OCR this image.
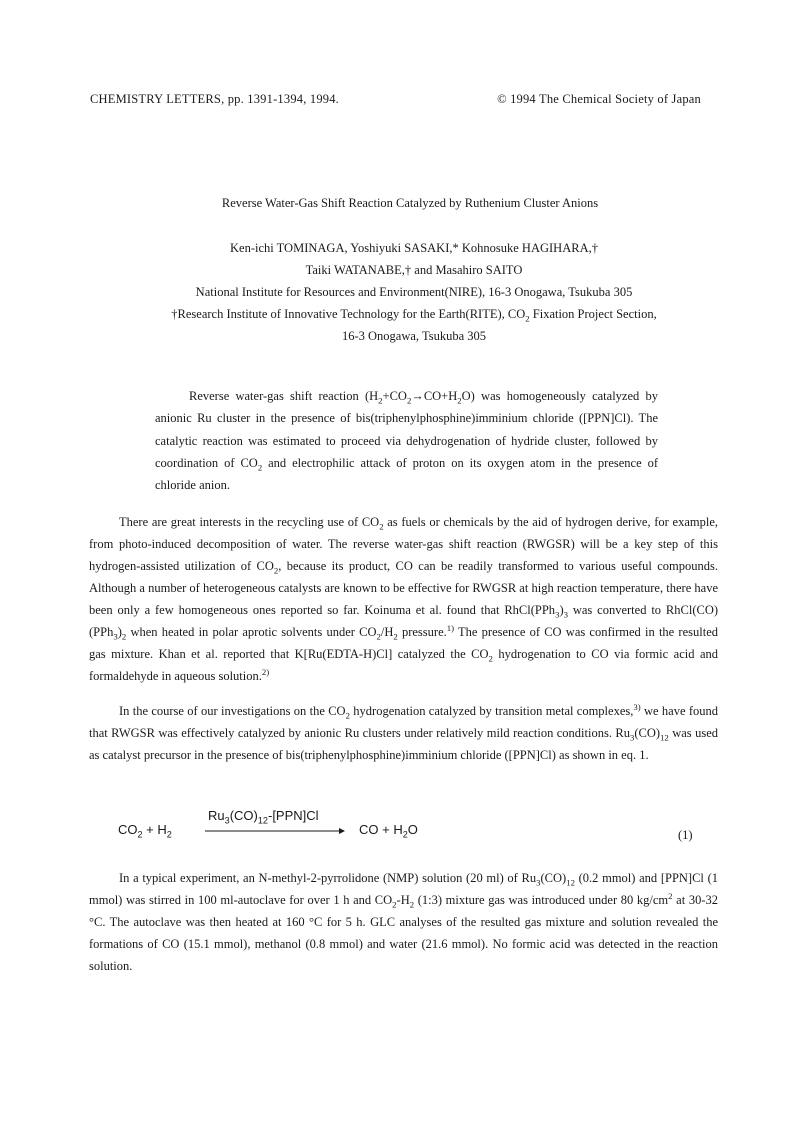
CHEMISTRY LETTERS, pp. 1391-1394, 1994.	© 1994 The Chemical Society of Japan
Reverse Water-Gas Shift Reaction Catalyzed by Ruthenium Cluster Anions
Ken-ichi TOMINAGA, Yoshiyuki SASAKI,* Kohnosuke HAGIHARA,†
Taiki WATANABE,† and Masahiro SAITO
National Institute for Resources and Environment(NIRE), 16-3 Onogawa, Tsukuba 305
†Research Institute of Innovative Technology for the Earth(RITE), $CO_2$ Fixation Project Section,
16-3 Onogawa, Tsukuba 305
Reverse water-gas shift reaction $(H_2+CO_2\to CO+H_2O)$ was homogeneously catalyzed by anionic Ru cluster in the presence of bis(triphenylphosphine)imminium chloride ([PPN]Cl). The catalytic reaction was estimated to proceed via dehydrogenation of hydride cluster, followed by coordination of $CO_2$ and electrophilic attack of proton on its oxygen atom in the presence of chloride anion.

There are great interests in the recycling use of $CO_2$ as fuels or chemicals by the aid of hydrogen derive, for example, from photo-induced decomposition of water. The reverse water-gas shift reaction (RWGSR) will be a key step of this hydrogen-assisted utilization of $CO_2$, because its product, CO can be readily transformed to various useful compounds. Although a number of heterogeneous catalysts are known to be effective for RWGSR at high reaction temperature, there have been only a few homogeneous ones reported so far. Koinuma et al. found that $RhCl(PPh_3)_3$ was converted to $RhCl(CO)(PPh_3)_2$ when heated in polar aprotic solvents under $CO_2/H_2$ pressure.$^{1)}$ The presence of CO was confirmed in the resulted gas mixture. Khan et al. reported that K[Ru(EDTA-H)Cl] catalyzed the $CO_2$ hydrogenation to CO via formic acid and formaldehyde in aqueous solution.$^{2)}$

In the course of our investigations on the $CO_2$ hydrogenation catalyzed by transition metal complexes,$^{3)}$ we have found that RWGSR was effectively catalyzed by anionic Ru clusters under relatively mild reaction conditions. $Ru_3(CO)_{12}$ was used as catalyst precursor in the presence of bis(triphenylphosphine)imminium chloride ([PPN]Cl) as shown in eq. 1.

$CO_2 + H_2$
$Ru_3(CO)_{12}-[PPN]Cl$
CO + $H_2O$	(1)

In a typical experiment, an N-methyl-2-pyrrolidone (NMP) solution (20 ml) of $Ru_3(CO)_{12}$ (0.2 mmol) and [PPN]Cl (1 mmol) was stirred in 100 ml-autoclave for over 1 h and $CO_2-H_2$ (1:3) mixture gas was introduced under 80 $kg/cm^2$ at 30-32 °C. The autoclave was then heated at 160 °C for 5 h. GLC analyses of the resulted gas mixture and solution revealed the formations of CO (15.1 mmol), methanol (0.8 mmol) and water (21.6 mmol). No formic acid was detected in the reaction solution.
